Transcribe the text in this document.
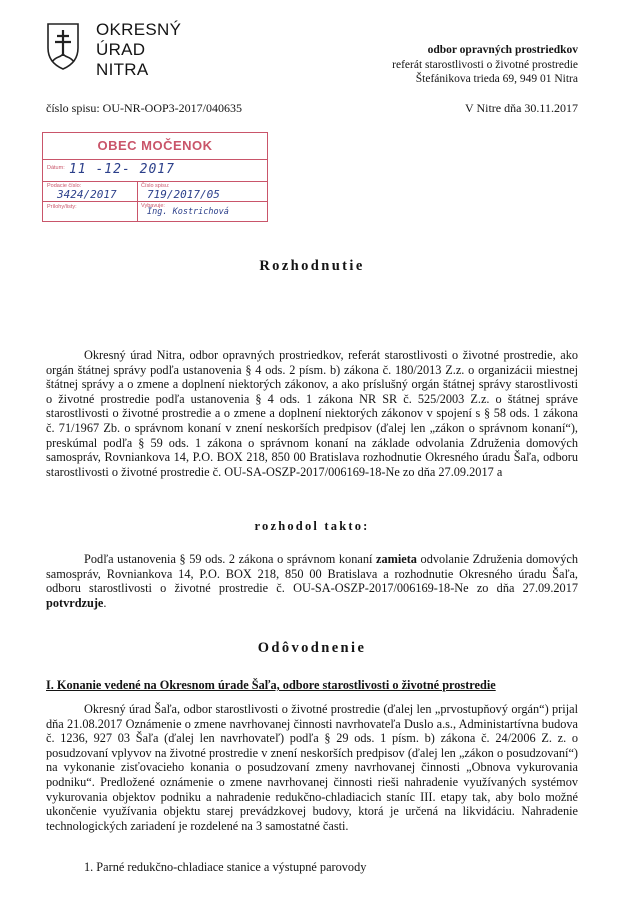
OKRESNÝ
ÚRAD
NITRA
odbor opravných prostriedkov
referát starostlivosti o životné prostredie
Štefánikova trieda 69, 949 01 Nitra
číslo spisu: OU-NR-OOP3-2017/040635	V Nitre dňa 30.11.2017
OBEC MOČENOK
Dátum: 11 -12- 2017
Podacie číslo:
3424/2017
Číslo spisu:
719/2017/05
Prílohy/listy:	Vybavuje:
Ing. Kostrichová
Rozhodnutie
Okresný úrad Nitra, odbor opravných prostriedkov, referát starostlivosti o životné prostredie, ako orgán štátnej správy podľa ustanovenia § 4 ods. 2 písm. b) zákona č. 180/2013 Z.z. o organizácii miestnej štátnej správy a o zmene a doplnení niektorých zákonov, a ako príslušný orgán štátnej správy starostlivosti o životné prostredie podľa ustanovenia § 4 ods. 1 zákona NR SR č. 525/2003 Z.z. o štátnej správe starostlivosti o životné prostredie a o zmene a doplnení niektorých zákonov v spojení s § 58 ods. 1 zákona č. 71/1967 Zb. o správnom konaní v znení neskorších predpisov (ďalej len „zákon o správnom konaní“), preskúmal podľa § 59 ods. 1 zákona o správnom konaní na základe odvolania Združenia domových samospráv, Rovniankova 14, P.O. BOX 218, 850 00 Bratislava rozhodnutie Okresného úradu Šaľa, odboru starostlivosti o životné prostredie č. OU-SA-OSZP-2017/006169-18-Ne zo dňa 27.09.2017 a
rozhodol takto:
Podľa ustanovenia § 59 ods. 2 zákona o správnom konaní zamieta odvolanie Združenia domových samospráv, Rovniankova 14, P.O. BOX 218, 850 00 Bratislava a rozhodnutie Okresného úradu Šaľa, odboru starostlivosti o životné prostredie č. OU-SA-OSZP-2017/006169-18-Ne zo dňa 27.09.2017 potvrdzuje.
Odôvodnenie
I. Konanie vedené na Okresnom úrade Šaľa, odbore starostlivosti o životné prostredie
Okresný úrad Šaľa, odbor starostlivosti o životné prostredie (ďalej len „prvostupňový orgán“) prijal dňa 21.08.2017 Oznámenie o zmene navrhovanej činnosti navrhovateľa Duslo a.s., Administartívna budova č. 1236, 927 03 Šaľa (ďalej len navrhovateľ) podľa § 29 ods. 1 písm. b) zákona č. 24/2006 Z. z. o posudzovaní vplyvov na životné prostredie v znení neskorších predpisov (ďalej len „zákon o posudzovaní“) na vykonanie zisťovacieho konania o posudzovaní zmeny navrhovanej činnosti „Obnova vykurovania podniku“. Predložené oznámenie o zmene navrhovanej činnosti rieši nahradenie využívaných systémov vykurovania objektov podniku a nahradenie redukčno-chladiacich staníc III. etapy tak, aby bolo možné ukončenie využívania objektu starej prevádzkovej budovy, ktorá je určená na likvidáciu. Nahradenie technologických zariadení je rozdelené na 3 samostatné časti.
1. Parné redukčno-chladiace stanice a výstupné parovody
